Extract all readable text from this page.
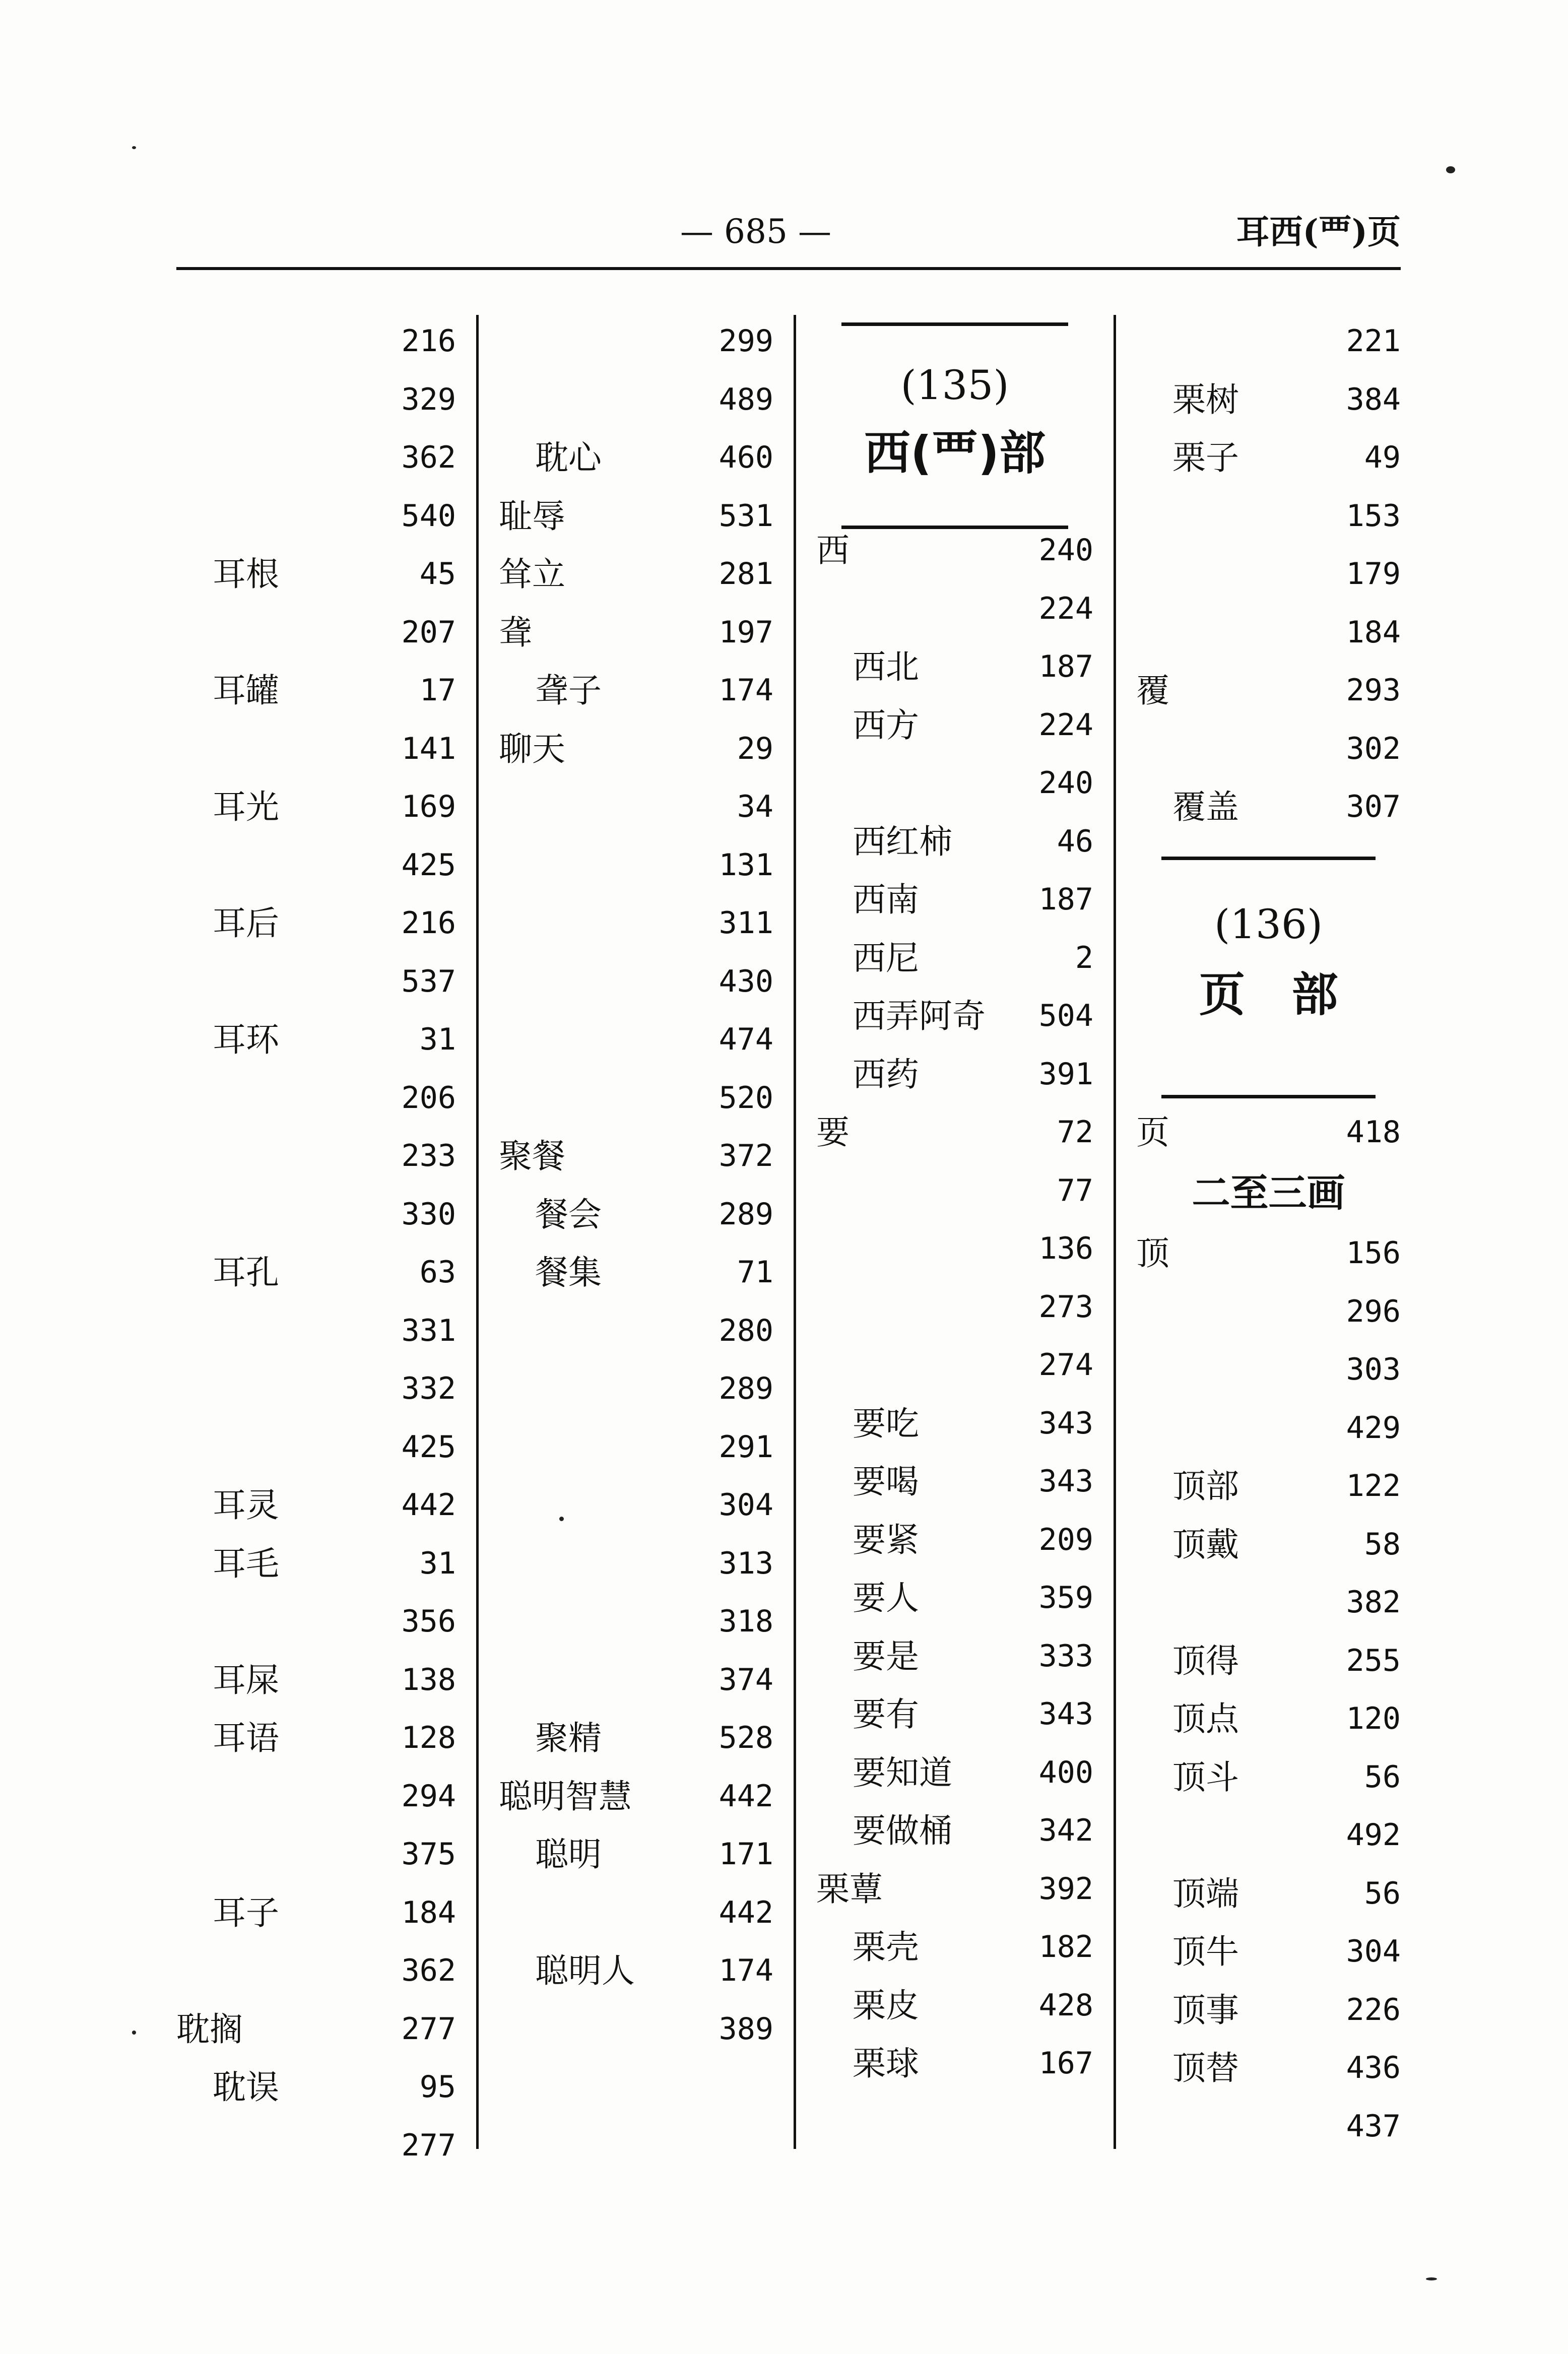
— 685 —	耳西(覀)页
216
329
362
540
耳根	45
207
耳罐	17
141
耳光	169
425
耳后	216
537
耳环	31
206
233
330
耳孔	63
331
332
425
耳灵	442
耳毛	31
356
耳屎	138
耳语	128
294
375
耳子	184
362
耽搁	277
耽误	95
277
299
489
耽心	460
耻辱	531
耸立	281
聋	197
聋子	174
聊天	29
34
131
311
430
474
520
聚餐	372
餐会	289
餐集	71
280
289
291
304
313
318
374
聚精	528
聪明智慧	442
聪明	171
442
聪明人	174
389
(135)
西(覀)部
西	240
224
西北	187
西方	224
240
西红柿	46
西南	187
西尼	2
西弄阿奇 504
西药	391
要	72
77
136
273
274
要吃	343
要喝	343
要紧	209
要人	359
要是	333
要有	343
要知道	400
要做桶	342
栗蕈	392
栗壳	182
栗皮	428
栗球	167
221
栗树	384
栗子	49
153
179
184
覆	293
302
覆盖	307
(136)
页　部
页	418
二至三画
顶	156
296
303
429
顶部	122
顶戴	58
382
顶得	255
顶点	120
顶斗	56
492
顶端	56
顶牛	304
顶事	226
顶替	436
437
